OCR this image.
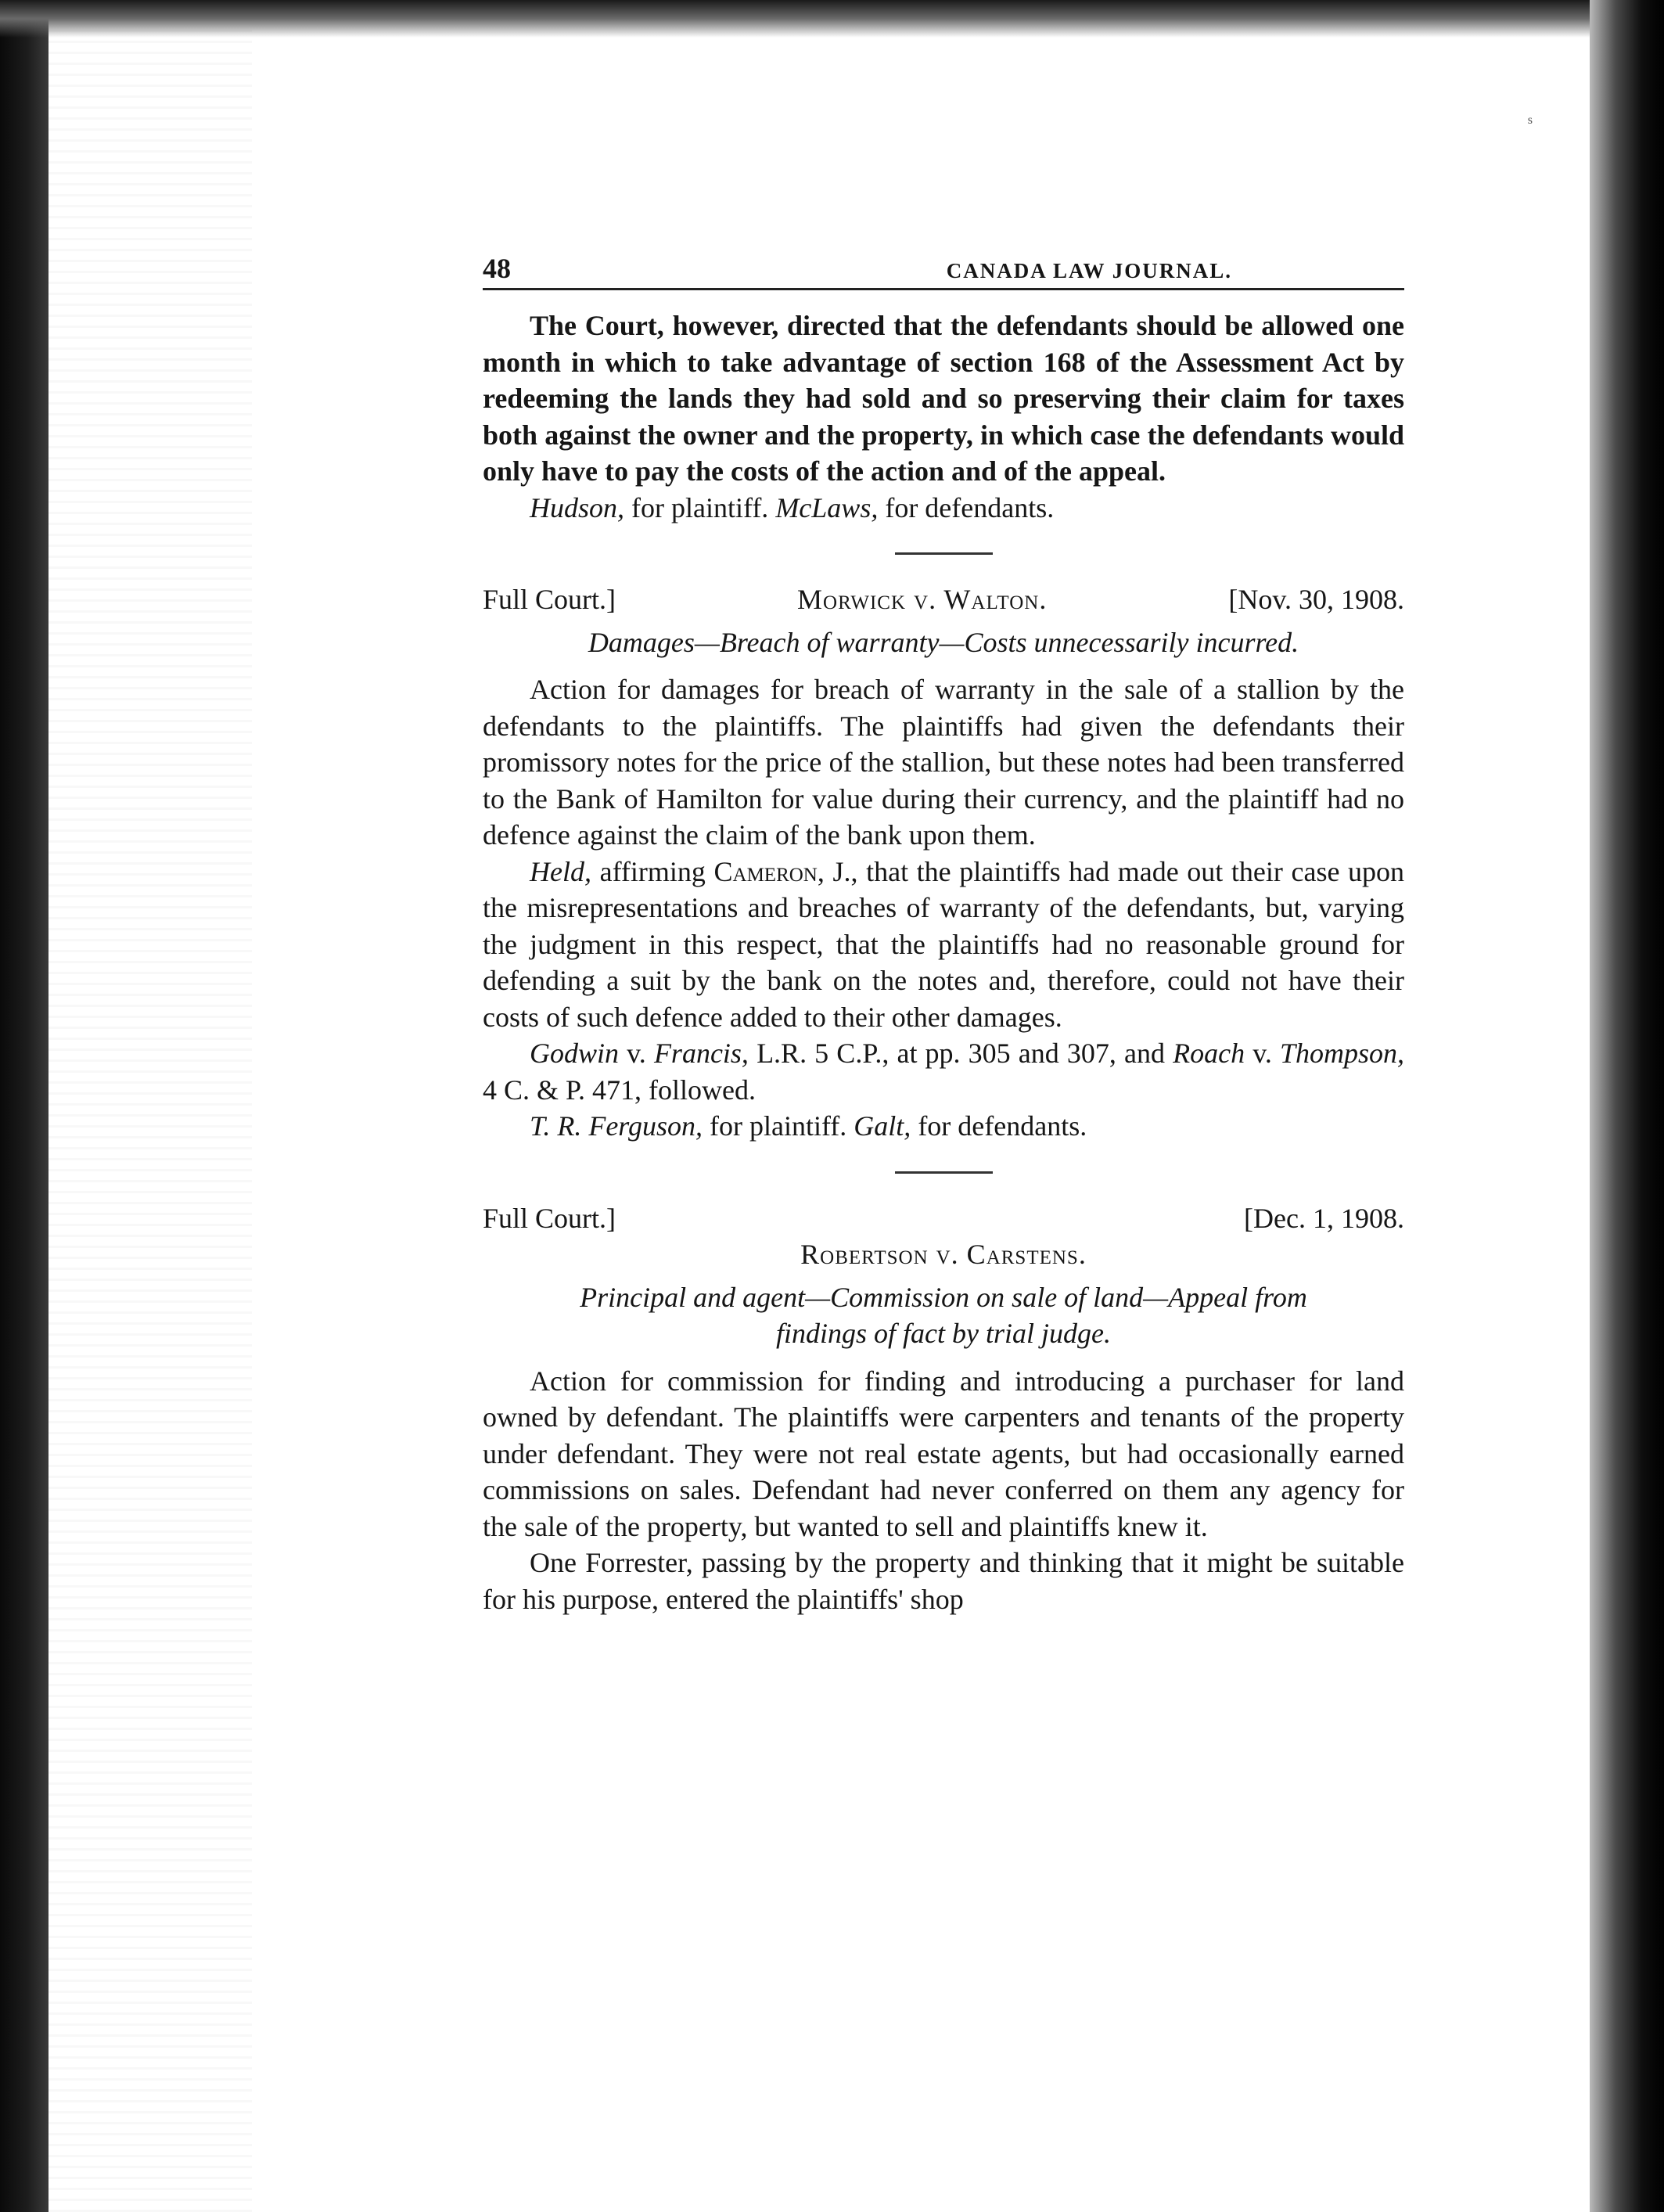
s
48	CANADA LAW JOURNAL.

The Court, however, directed that the defendants should be allowed one month in which to take advantage of section 168 of the Assessment Act by redeeming the lands they had sold and so preserving their claim for taxes both against the owner and the property, in which case the defendants would only have to pay the costs of the action and of the appeal.

Hudson, for plaintiff. McLaws, for defendants.

Full Court.]	Morwick v. Walton.	[Nov. 30, 1908.
Damages—Breach of warranty—Costs unnecessarily incurred.

Action for damages for breach of warranty in the sale of a stallion by the defendants to the plaintiffs. The plaintiffs had given the defendants their promissory notes for the price of the stallion, but these notes had been transferred to the Bank of Hamilton for value during their currency, and the plaintiff had no defence against the claim of the bank upon them.

Held, affirming Cameron, J., that the plaintiffs had made out their case upon the misrepresentations and breaches of warranty of the defendants, but, varying the judgment in this respect, that the plaintiffs had no reasonable ground for defending a suit by the bank on the notes and, therefore, could not have their costs of such defence added to their other damages.

Godwin v. Francis, L.R. 5 C.P., at pp. 305 and 307, and Roach v. Thompson, 4 C. & P. 471, followed.

T. R. Ferguson, for plaintiff. Galt, for defendants.

Full Court.]	[Dec. 1, 1908.
Robertson v. Carstens.
Principal and agent—Commission on sale of land—Appeal from
findings of fact by trial judge.

Action for commission for finding and introducing a purchaser for land owned by defendant. The plaintiffs were carpenters and tenants of the property under defendant. They were not real estate agents, but had occasionally earned commissions on sales. Defendant had never conferred on them any agency for the sale of the property, but wanted to sell and plaintiffs knew it.

One Forrester, passing by the property and thinking that it might be suitable for his purpose, entered the plaintiffs' shop
